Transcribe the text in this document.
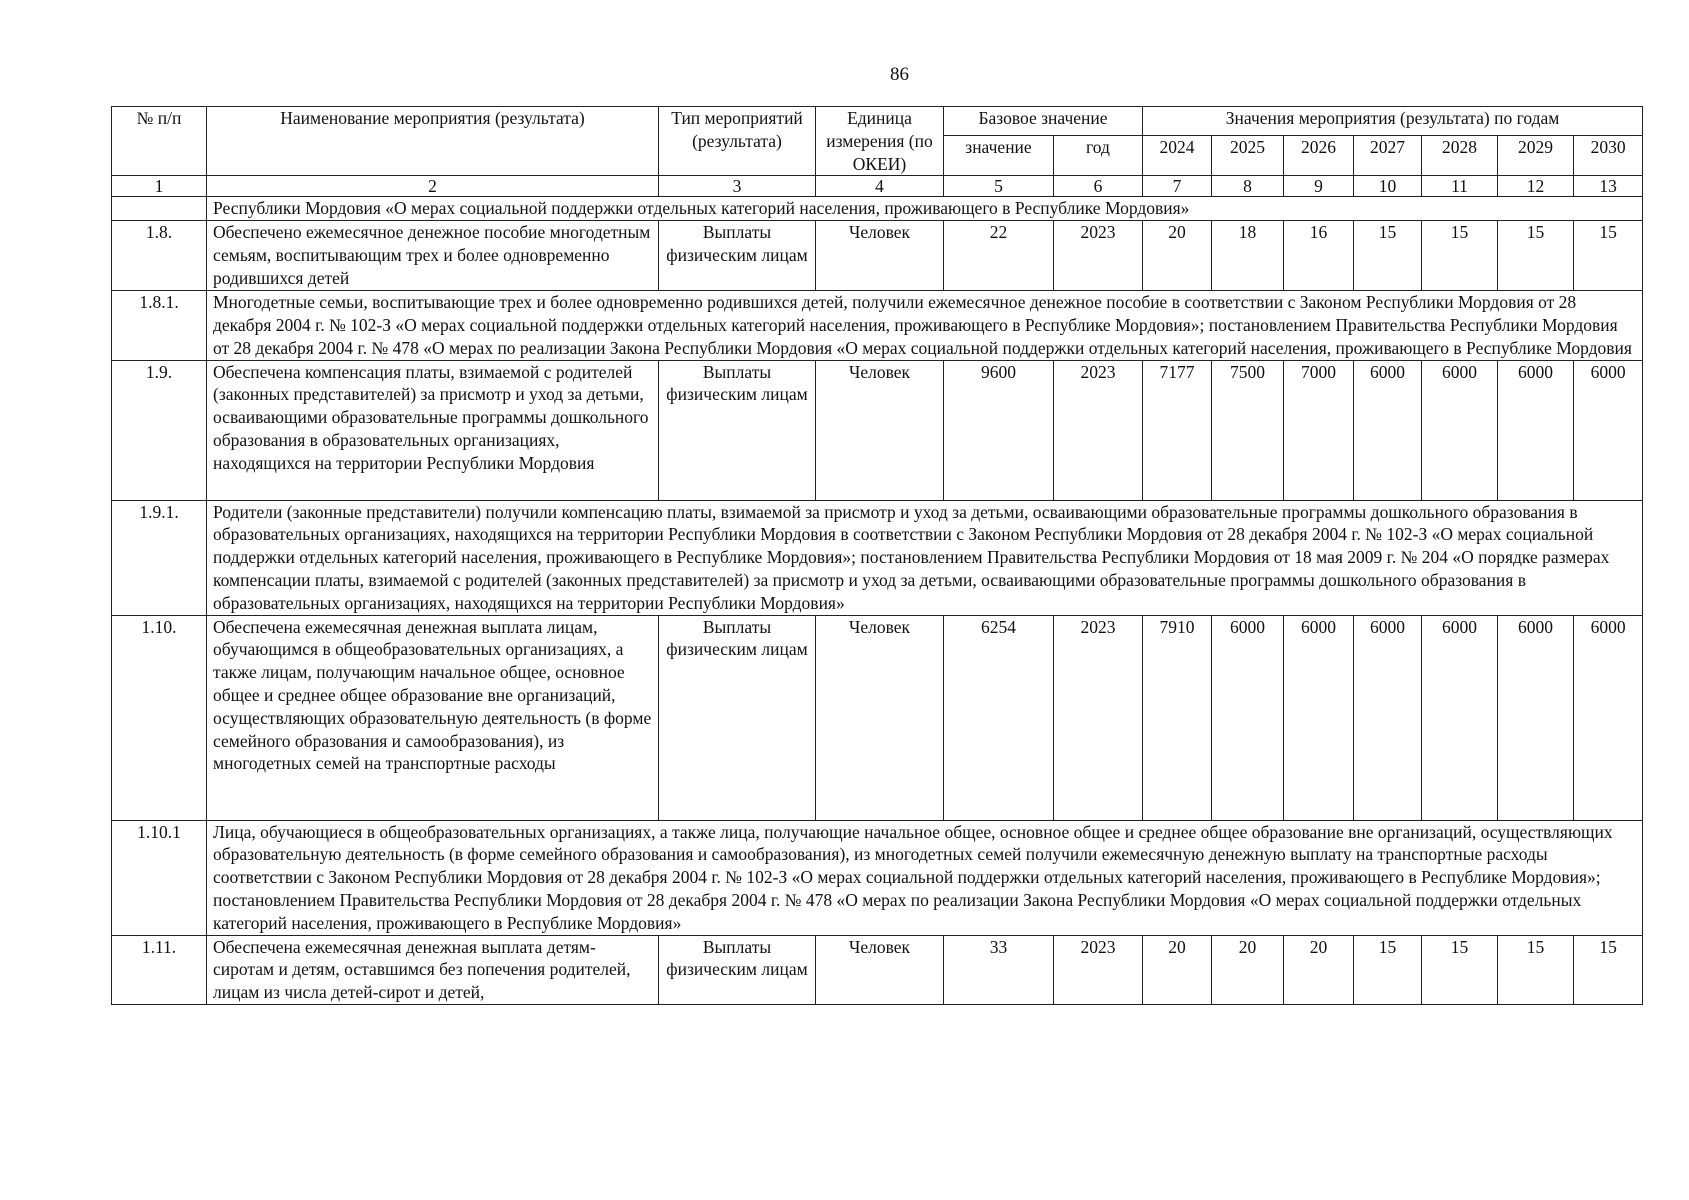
86
№ п/п	Наименование мероприятия (результата)	Тип мероприятий (результата)	Единица измерения (по ОКЕИ)	Базовое значение		Значения мероприятия (результата) по годам						
				значение	год	2024	2025	2026	2027	2028	2029	2030
1	2	3	4	5	6	7	8	9	10	11	12	13
	Республики Мордовия «О мерах социальной поддержки отдельных категорий населения, проживающего в Республике Мордовия»											
1.8.	Обеспечено ежемесячное денежное пособие многодетным семьям, воспитывающим трех и более одновременно родившихся детей	Выплаты физическим лицам	Человек	22	2023	20	18	16	15	15	15	15
1.8.1.	Многодетные семьи, воспитывающие трех и более одновременно родившихся детей, получили ежемесячное денежное пособие в соответствии с Законом Республики Мордовия от 28 декабря 2004 г. № 102-З «О мерах социальной поддержки отдельных категорий населения, проживающего в Республике Мордовия»; постановлением Правительства Республики Мордовия от 28 декабря 2004 г. № 478 «О мерах по реализации Закона Республики Мордовия «О мерах социальной поддержки отдельных категорий населения, проживающего в Республике Мордовия											
1.9.	Обеспечена компенсация платы, взимаемой с родителей (законных представителей) за присмотр и уход за детьми, осваивающими образовательные программы дошкольного образования в образовательных организациях, находящихся на территории Республики Мордовия	Выплаты физическим лицам	Человек	9600	2023	7177	7500	7000	6000	6000	6000	6000
1.9.1.	Родители (законные представители) получили компенсацию платы, взимаемой за присмотр и уход за детьми, осваивающими образовательные программы дошкольного образования в образовательных организациях, находящихся на территории Республики Мордовия в соответствии с Законом Республики Мордовия от 28 декабря 2004 г. № 102-З «О мерах социальной поддержки отдельных категорий населения, проживающего в Республике Мордовия»; постановлением Правительства Республики Мордовия от 18 мая 2009 г. № 204 «О порядке размерах компенсации платы, взимаемой с родителей (законных представителей) за присмотр и уход за детьми, осваивающими образовательные программы дошкольного образования в образовательных организациях, находящихся на территории Республики Мордовия»											
1.10.	Обеспечена ежемесячная денежная выплата лицам, обучающимся в общеобразовательных организациях, а также лицам, получающим начальное общее, основное общее и среднее общее образование вне организаций, осуществляющих образовательную деятельность (в форме семейного образования и самообразования), из многодетных семей на транспортные расходы	Выплаты физическим лицам	Человек	6254	2023	7910	6000	6000	6000	6000	6000	6000
1.10.1	Лица, обучающиеся в общеобразовательных организациях, а также лица, получающие начальное общее, основное общее и среднее общее образование вне организаций, осуществляющих образовательную деятельность (в форме семейного образования и самообразования), из многодетных семей получили ежемесячную денежную выплату на транспортные расходы соответствии с Законом Республики Мордовия от 28 декабря 2004 г. № 102-З «О мерах социальной поддержки отдельных категорий населения, проживающего в Республике Мордовия»; постановлением Правительства Республики Мордовия от 28 декабря 2004 г. № 478 «О мерах по реализации Закона Республики Мордовия «О мерах социальной поддержки отдельных категорий населения, проживающего в Республике Мордовия»											
1.11.	Обеспечена ежемесячная денежная выплата детям-сиротам и детям, оставшимся без попечения родителей, лицам из числа детей-сирот и детей,	Выплаты физическим лицам	Человек	33	2023	20	20	20	15	15	15	15
